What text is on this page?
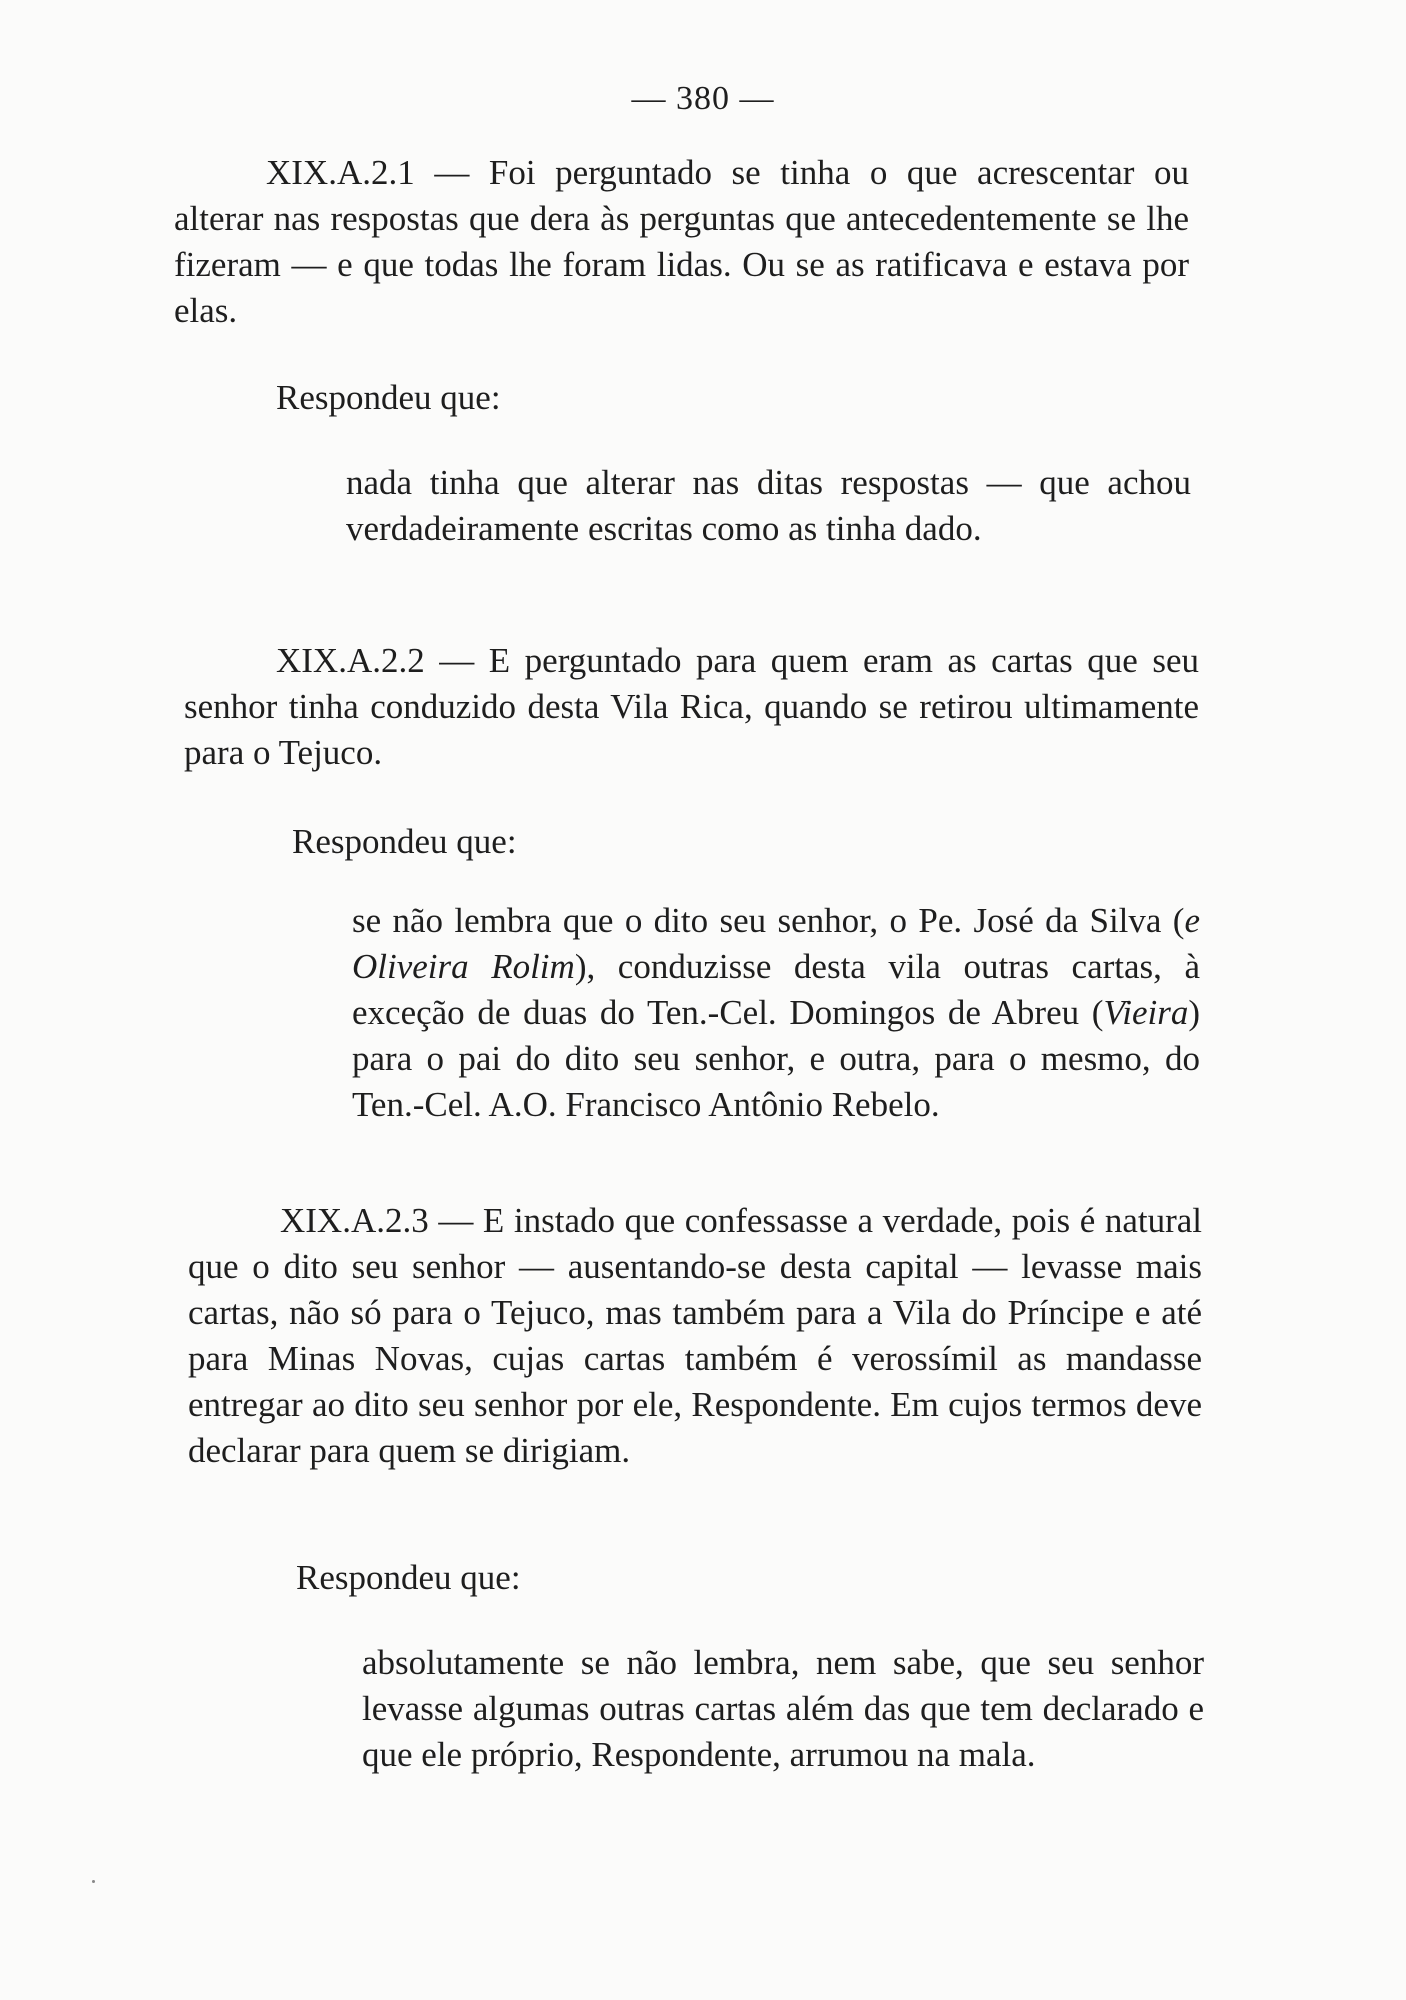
— 380 —

XIX.A.2.1 — Foi perguntado se tinha o que acrescentar ou alterar nas respostas que dera às perguntas que antecedentemente se lhe fizeram — e que todas lhe foram lidas. Ou se as ratificava e estava por elas.

Respondeu que:

nada tinha que alterar nas ditas respostas — que achou verdadeiramente escritas como as tinha dado.

XIX.A.2.2 — E perguntado para quem eram as cartas que seu senhor tinha conduzido desta Vila Rica, quando se retirou ultimamente para o Tejuco.

Respondeu que:

se não lembra que o dito seu senhor, o Pe. José da Silva (e Oliveira Rolim), conduzisse desta vila outras cartas, à exceção de duas do Ten.-Cel. Domingos de Abreu (Vieira) para o pai do dito seu senhor, e outra, para o mesmo, do Ten.-Cel. A.O. Francisco Antônio Rebelo.

XIX.A.2.3 — E instado que confessasse a verdade, pois é natural que o dito seu senhor — ausentando-se desta capital — levasse mais cartas, não só para o Tejuco, mas também para a Vila do Príncipe e até para Minas Novas, cujas cartas também é verossímil as mandasse entregar ao dito seu senhor por ele, Respondente. Em cujos termos deve declarar para quem se dirigiam.

Respondeu que:

absolutamente se não lembra, nem sabe, que seu senhor levasse algumas outras cartas além das que tem declarado e que ele próprio, Respondente, arrumou na mala.
